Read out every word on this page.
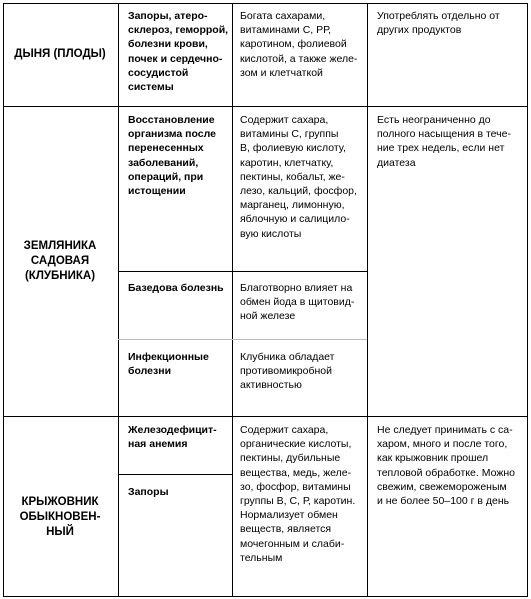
ДЫНЯ (ПЛОДЫ)
Запоры, атеро-
склероз, геморрой,
болезни крови,
почек и сердечно-
сосудистой
системы
Богата сахарами,
витаминами С, РР,
каротином, фолиевой
кислотой, а также желе-
зом и клетчаткой
Употреблять отдельно от
других продуктов
ЗЕМЛЯНИКА
САДОВАЯ
(КЛУБНИКА)
Восстановление
организма после
перенесенных
заболеваний,
операций, при
истощении
Базедова болезнь
Инфекционные
болезни
Содержит сахара,
витамины С, группы
В, фолиевую кислоту,
каротин, клетчатку,
пектины, кобальт, же-
лезо, кальций, фосфор,
марганец, лимонную,
яблочную и салицило-
вую кислоты
Благотворно влияет на
обмен йода в щитовид-
ной железе
Клубника обладает
противомикробной
активностью
Есть неограниченно до
полного насыщения в тече-
ние трех недель, если нет
диатеза
КРЫЖОВНИК
ОБЫКНОВЕН-
НЫЙ
Железодефицит-
ная анемия
Запоры
Содержит сахара,
органические кислоты,
пектины, дубильные
вещества, медь, желе-
зо, фосфор, витамины
группы В, С, Р, каротин.
Нормализует обмен
веществ, является
мочегонным и слаби-
тельным
Не следует принимать с са-
харом, много и после того,
как крыжовник прошел
тепловой обработке. Можно
свежим, свежемороженым
и не более 50–100 г в день
